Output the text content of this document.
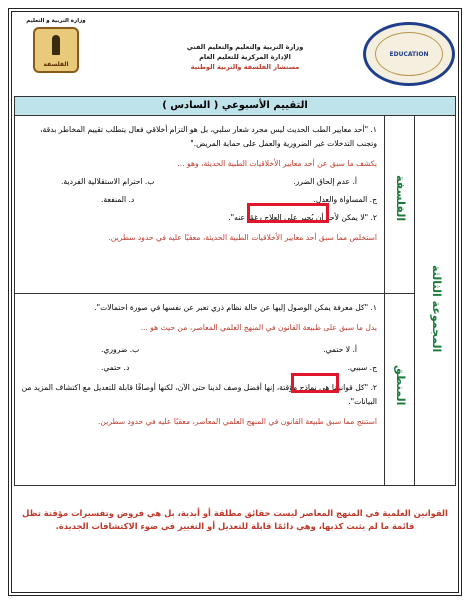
وزارة التربية و التعليم
الفلسفة
وزارة التربية والتعليم والتعليم الفني
الإدارة المركزية للتعليم العام
مستشار الفلسفة والتربية الوطنية
EDUCATION
التقييم الأسبوعي ( السادس )
المجموعة الثالثة
الفلسفة
المنطق
١. "أحد معايير الطب الحديث ليس مجرد شعار سلبي، بل هو التزام أخلاقي فعال يتطلب تقييم المخاطر بدقة، وتجنب التدخلات غير الضرورية والعمل على حماية المريض."
يكشف ما سبق عن أحد معايير الأخلاقيات الطبية الحديثة، وهو ...
أ. عدم إلحاق الضرر.
ب. احترام الاستقلالية الفردية.
ج. المساواة والعدل.
د. المنفعة.
٢. "لا يمكن لأحد أن يُجبر على العلاج رغمًا عنه".
استخلص مما سبق أحد معايير الأخلاقيات الطبية الحديثة، معقبًا عليه في حدود سطرين.
١. "كل معرفة يمكن الوصول إليها عن حالة نظام ذري تعبر عن نفسها في صورة احتمالات".
يدل ما سبق على طبيعة القانون في المنهج العلمي المعاصر، من حيث هو ...
أ. لا حتمي.
ب. ضروري.
ج. سببي.
د. حتمي.
٢. "كل قوانيننا هي نماذج مؤقتة، إنها أفضل وصف لدينا حتى الآن، لكنها أوصافًا قابلة للتعديل مع اكتشاف المزيد من البيانات".
استنتج مما سبق طبيعة القانون في المنهج العلمي المعاصر، معقبًا عليه في حدود سطرين.
القوانين العلمية في المنهج المعاصر ليست حقائق مطلقة أو أبدية، بل هي فروض وتفسيرات مؤقتة تظل قائمة ما لم يثبت كذبها، وهي دائمًا قابلة للتعديل أو التغيير في ضوء الاكتشافات الجديدة.
